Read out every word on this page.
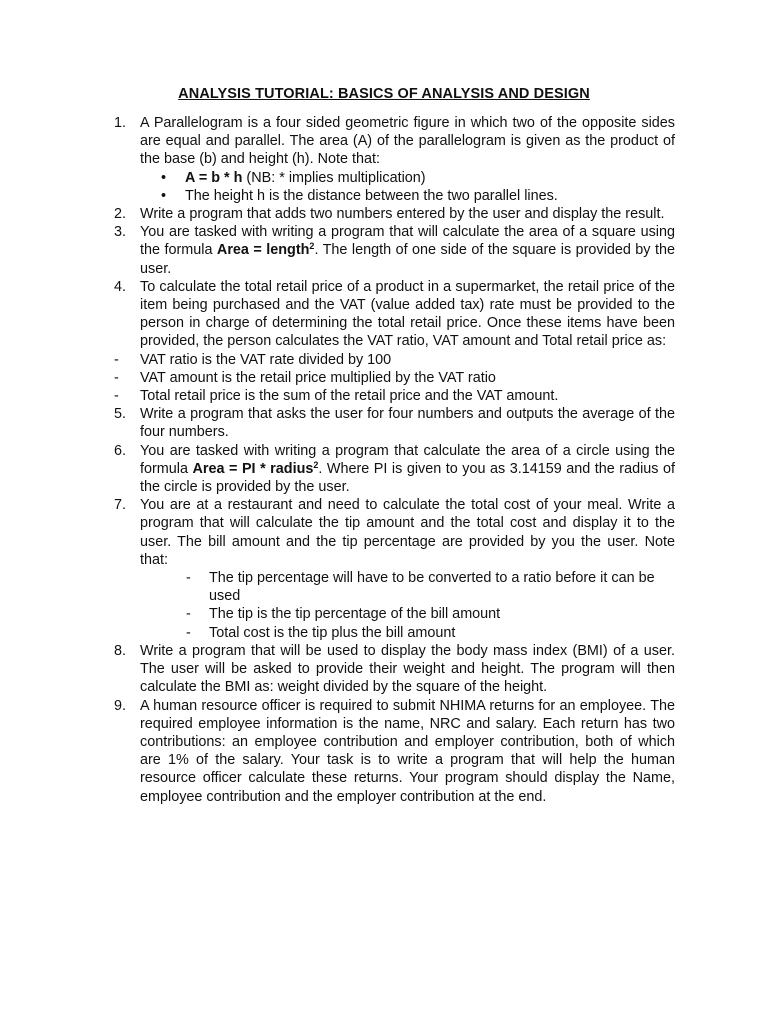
ANALYSIS TUTORIAL: BASICS OF ANALYSIS AND DESIGN
1. A Parallelogram is a four sided geometric figure in which two of the opposite sides are equal and parallel. The area (A) of the parallelogram is given as the product of the base (b) and height (h). Note that:
• A = b * h (NB: * implies multiplication)
• The height h is the distance between the two parallel lines.
2. Write a program that adds two numbers entered by the user and display the result.
3. You are tasked with writing a program that will calculate the area of a square using the formula Area = length$^2$. The length of one side of the square is provided by the user.
4. To calculate the total retail price of a product in a supermarket, the retail price of the item being purchased and the VAT (value added tax) rate must be provided to the person in charge of determining the total retail price. Once these items have been provided, the person calculates the VAT ratio, VAT amount and Total retail price as:
- VAT ratio is the VAT rate divided by 100
- VAT amount is the retail price multiplied by the VAT ratio
- Total retail price is the sum of the retail price and the VAT amount.
5. Write a program that asks the user for four numbers and outputs the average of the four numbers.
6. You are tasked with writing a program that calculate the area of a circle using the formula Area = PI * radius$^2$. Where PI is given to you as 3.14159 and the radius of the circle is provided by the user.
7. You are at a restaurant and need to calculate the total cost of your meal. Write a program that will calculate the tip amount and the total cost and display it to the user. The bill amount and the tip percentage are provided by you the user. Note that:
- The tip percentage will have to be converted to a ratio before it can be used
- The tip is the tip percentage of the bill amount
- Total cost is the tip plus the bill amount
8. Write a program that will be used to display the body mass index (BMI) of a user. The user will be asked to provide their weight and height. The program will then calculate the BMI as: weight divided by the square of the height.
9. A human resource officer is required to submit NHIMA returns for an employee. The required employee information is the name, NRC and salary. Each return has two contributions: an employee contribution and employer contribution, both of which are 1% of the salary. Your task is to write a program that will help the human resource officer calculate these returns. Your program should display the Name, employee contribution and the employer contribution at the end.
